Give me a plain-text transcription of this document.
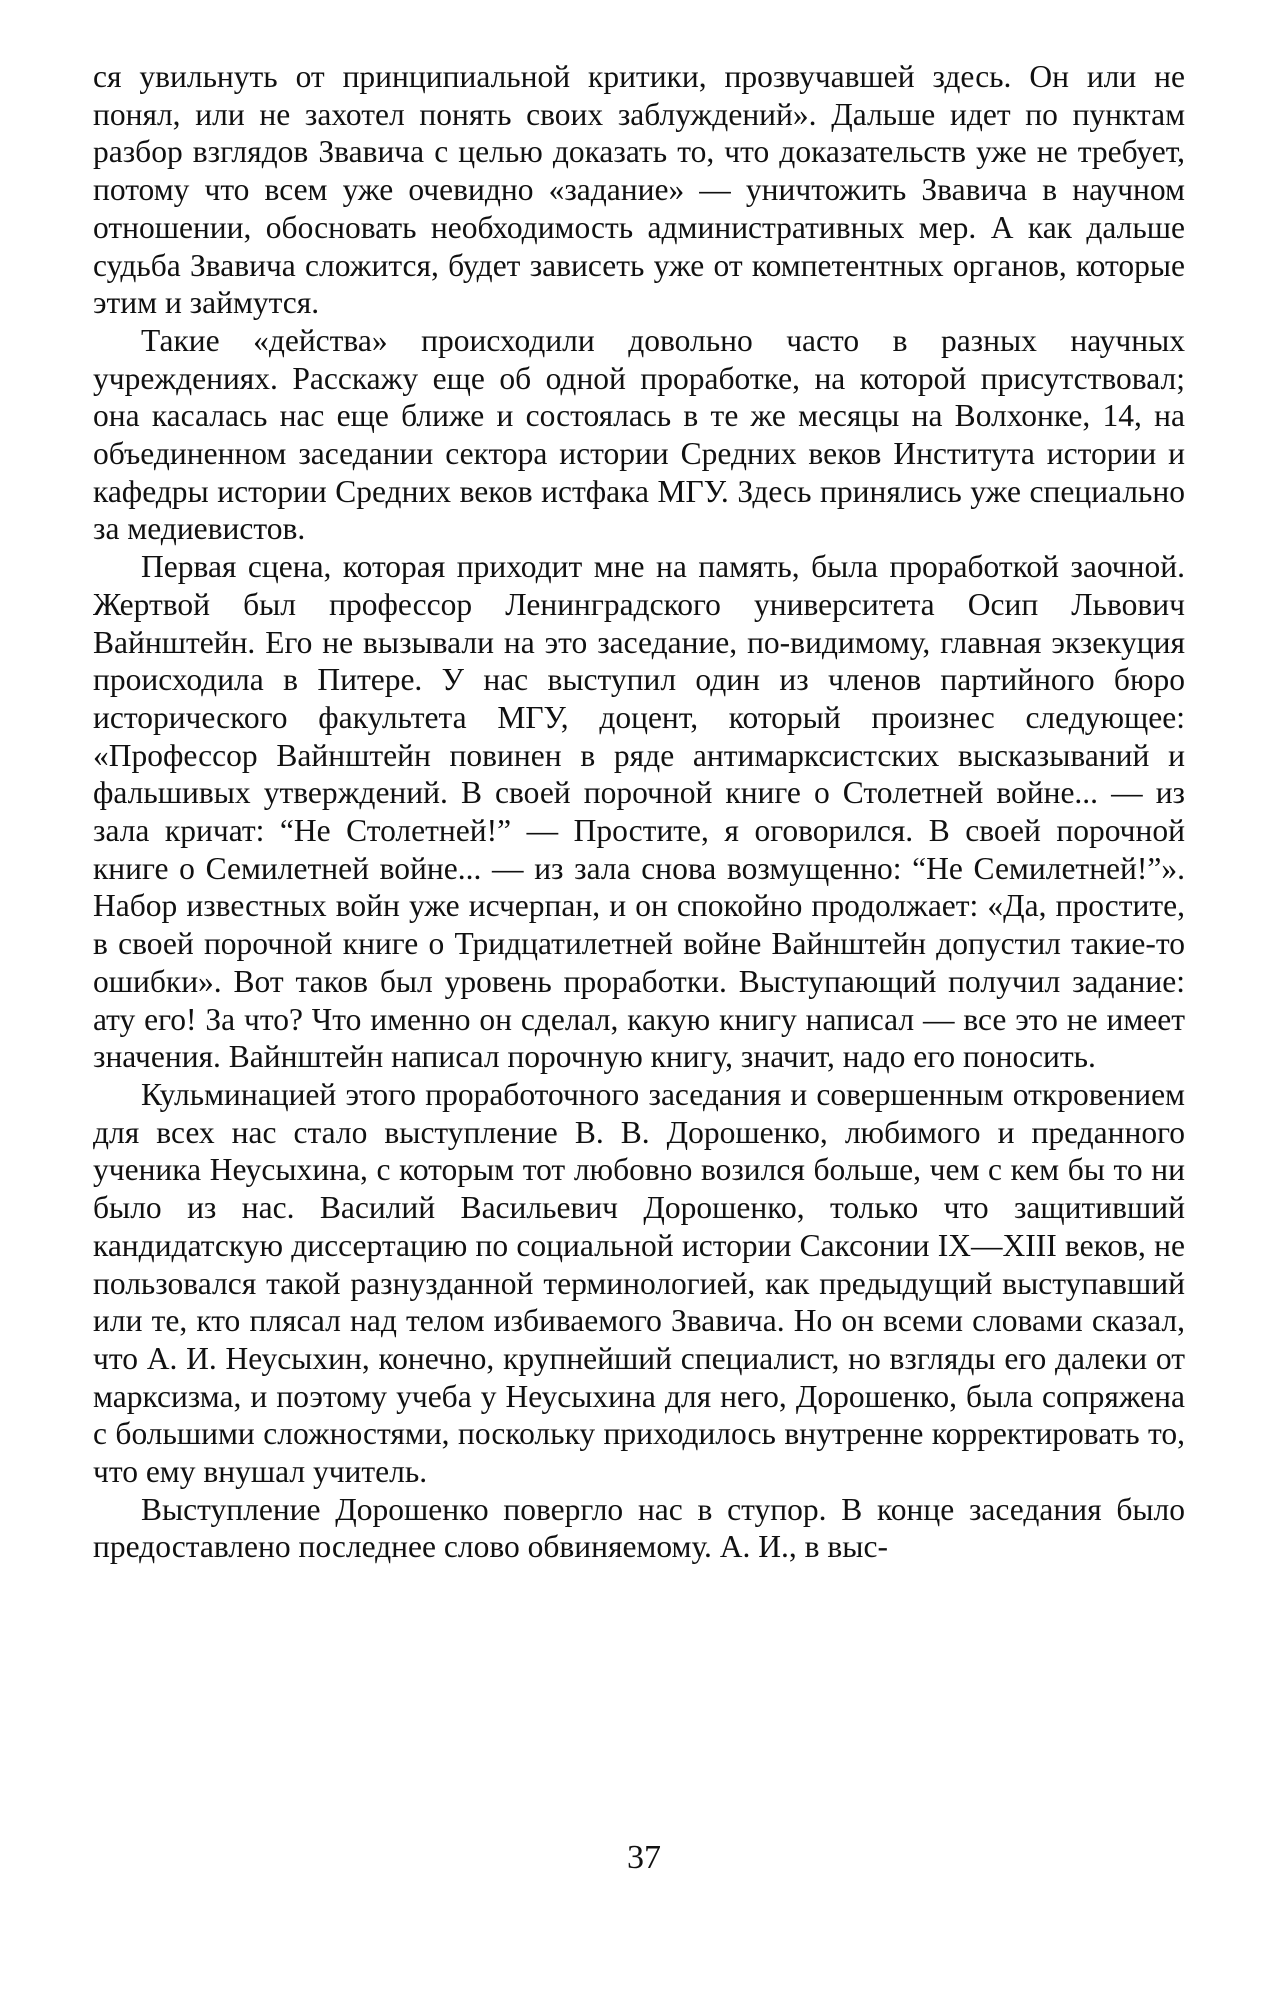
ся увильнуть от принципиальной критики, прозвучавшей здесь. Он или не понял, или не захотел понять своих заблуждений». Дальше идет по пунктам разбор взглядов Звавича с целью доказать то, что доказательств уже не требует, потому что всем уже очевидно «задание» — уничтожить Звавича в научном отношении, обосновать необходимость административных мер. А как дальше судьба Звавича сложится, будет зависеть уже от компетентных органов, которые этим и займутся.

Такие «действа» происходили довольно часто в разных научных учреждениях. Расскажу еще об одной проработке, на которой присутствовал; она касалась нас еще ближе и состоялась в те же месяцы на Волхонке, 14, на объединенном заседании сектора истории Средних веков Института истории и кафедры истории Средних веков истфака МГУ. Здесь принялись уже специально за медиевистов.

Первая сцена, которая приходит мне на память, была проработкой заочной. Жертвой был профессор Ленинградского университета Осип Львович Вайнштейн. Его не вызывали на это заседание, по-видимому, главная экзекуция происходила в Питере. У нас выступил один из членов партийного бюро исторического факультета МГУ, доцент, который произнес следующее: «Профессор Вайнштейн повинен в ряде антимарксистских высказываний и фальшивых утверждений. В своей порочной книге о Столетней войне... — из зала кричат: “Не Столетней!” — Простите, я оговорился. В своей порочной книге о Семилетней войне... — из зала снова возмущенно: “Не Семилетней!”». Набор известных войн уже исчерпан, и он спокойно продолжает: «Да, простите, в своей порочной книге о Тридцатилетней войне Вайнштейн допустил такие-то ошибки». Вот таков был уровень проработки. Выступающий получил задание: ату его! За что? Что именно он сделал, какую книгу написал — все это не имеет значения. Вайнштейн написал порочную книгу, значит, надо его поносить.

Кульминацией этого проработочного заседания и совершенным откровением для всех нас стало выступление В. В. Дорошенко, любимого и преданного ученика Неусыхина, с которым тот любовно возился больше, чем с кем бы то ни было из нас. Василий Васильевич Дорошенко, только что защитивший кандидатскую диссертацию по социальной истории Саксонии IX—XIII веков, не пользовался такой разнузданной терминологией, как предыдущий выступавший или те, кто плясал над телом избиваемого Звавича. Но он всеми словами сказал, что А. И. Неусыхин, конечно, крупнейший специалист, но взгляды его далеки от марксизма, и поэтому учеба у Неусыхина для него, Дорошенко, была сопряжена с большими сложностями, поскольку приходилось внутренне корректировать то, что ему внушал учитель.

Выступление Дорошенко повергло нас в ступор. В конце заседания было предоставлено последнее слово обвиняемому. А. И., в выс-

37
